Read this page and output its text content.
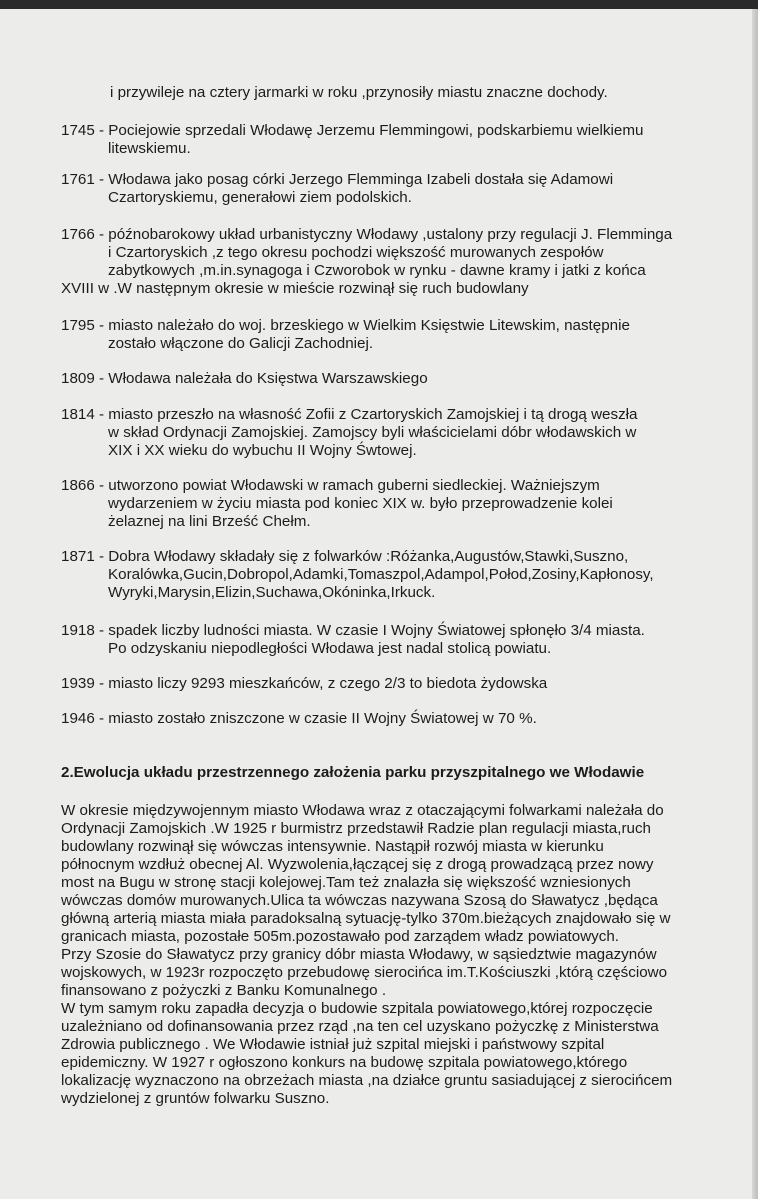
i przywileje na cztery jarmarki w roku ,przynosiły miastu znaczne dochody.
1745 - Pociejowie sprzedali Włodawę Jerzemu Flemmingowi, podskarbiemu wielkiemu
litewskiemu.
1761 - Włodawa jako posag córki Jerzego Flemminga Izabeli dostała się Adamowi
Czartoryskiemu, generałowi ziem podolskich.
1766 - późnobarokowy układ urbanistyczny Włodawy ,ustalony przy regulacji J. Flemminga
i Czartoryskich ,z tego okresu pochodzi większość murowanych zespołów
zabytkowych ,m.in.synagoga i Czworobok w rynku - dawne kramy i jatki z końca
XVIII w .W następnym okresie w mieście rozwinął się ruch budowlany
1795 - miasto należało do woj. brzeskiego w Wielkim Księstwie Litewskim, następnie
zostało włączone do Galicji Zachodniej.
1809 - Włodawa należała do Księstwa Warszawskiego
1814 - miasto przeszło na własność Zofii z Czartoryskich Zamojskiej i tą drogą weszła
w skład Ordynacji Zamojskiej. Zamojscy byli właścicielami dóbr włodawskich w
XIX i XX wieku do wybuchu II Wojny Śwtowej.
1866 - utworzono powiat Włodawski w ramach guberni siedleckiej. Ważniejszym
wydarzeniem w życiu miasta pod koniec XIX w. było przeprowadzenie kolei
żelaznej na lini Brześć Chełm.
1871 - Dobra Włodawy składały się z folwarków :Różanka,Augustów,Stawki,Suszno,
Koralówka,Gucin,Dobropol,Adamki,Tomaszpol,Adampol,Połod,Zosiny,Kapłonosy,
Wyryki,Marysin,Elizin,Suchawa,Okóninka,Irkuck.
1918 - spadek liczby ludności miasta. W czasie I Wojny Światowej spłonęło 3/4 miasta.
Po odzyskaniu niepodległości Włodawa jest nadal stolicą powiatu.
1939 - miasto liczy 9293 mieszkańców, z czego 2/3 to biedota żydowska
1946 - miasto zostało zniszczone w czasie II Wojny Światowej w 70 %.
2.Ewolucja układu przestrzennego założenia parku przyszpitalnego we Włodawie
W okresie międzywojennym miasto Włodawa wraz z otaczającymi folwarkami należała do
Ordynacji Zamojskich .W 1925 r burmistrz przedstawił Radzie plan regulacji miasta,ruch
budowlany rozwinął się wówczas intensywnie. Nastąpił rozwój miasta w kierunku
północnym wzdłuż obecnej Al. Wyzwolenia,łączącej się z drogą prowadzącą przez nowy
most na Bugu w stronę stacji kolejowej.Tam też znalazła się większość wzniesionych
wówczas domów murowanych.Ulica ta wówczas nazywana Szosą do Sławatycz ,będąca
główną arterią miasta miała paradoksalną sytuację-tylko 370m.bieżących znajdowało się w
granicach miasta, pozostałe 505m.pozostawało pod zarządem władz powiatowych.
Przy Szosie do Sławatycz przy granicy dóbr miasta Włodawy, w sąsiedztwie magazynów
wojskowych, w 1923r rozpoczęto przebudowę sierocińca im.T.Kościuszki ,którą częściowo
finansowano z pożyczki z Banku Komunalnego .
W tym samym roku zapadła decyzja o budowie szpitala powiatowego,której rozpoczęcie
uzależniano od dofinansowania przez rząd ,na ten cel uzyskano pożyczkę z Ministerstwa
Zdrowia publicznego . We Włodawie istniał już szpital miejski i państwowy szpital
epidemiczny. W 1927 r ogłoszono konkurs na budowę szpitala powiatowego,którego
lokalizację wyznaczono na obrzeżach miasta ,na działce gruntu sasiadującej z sierocińcem
wydzielonej z gruntów folwarku Suszno.
